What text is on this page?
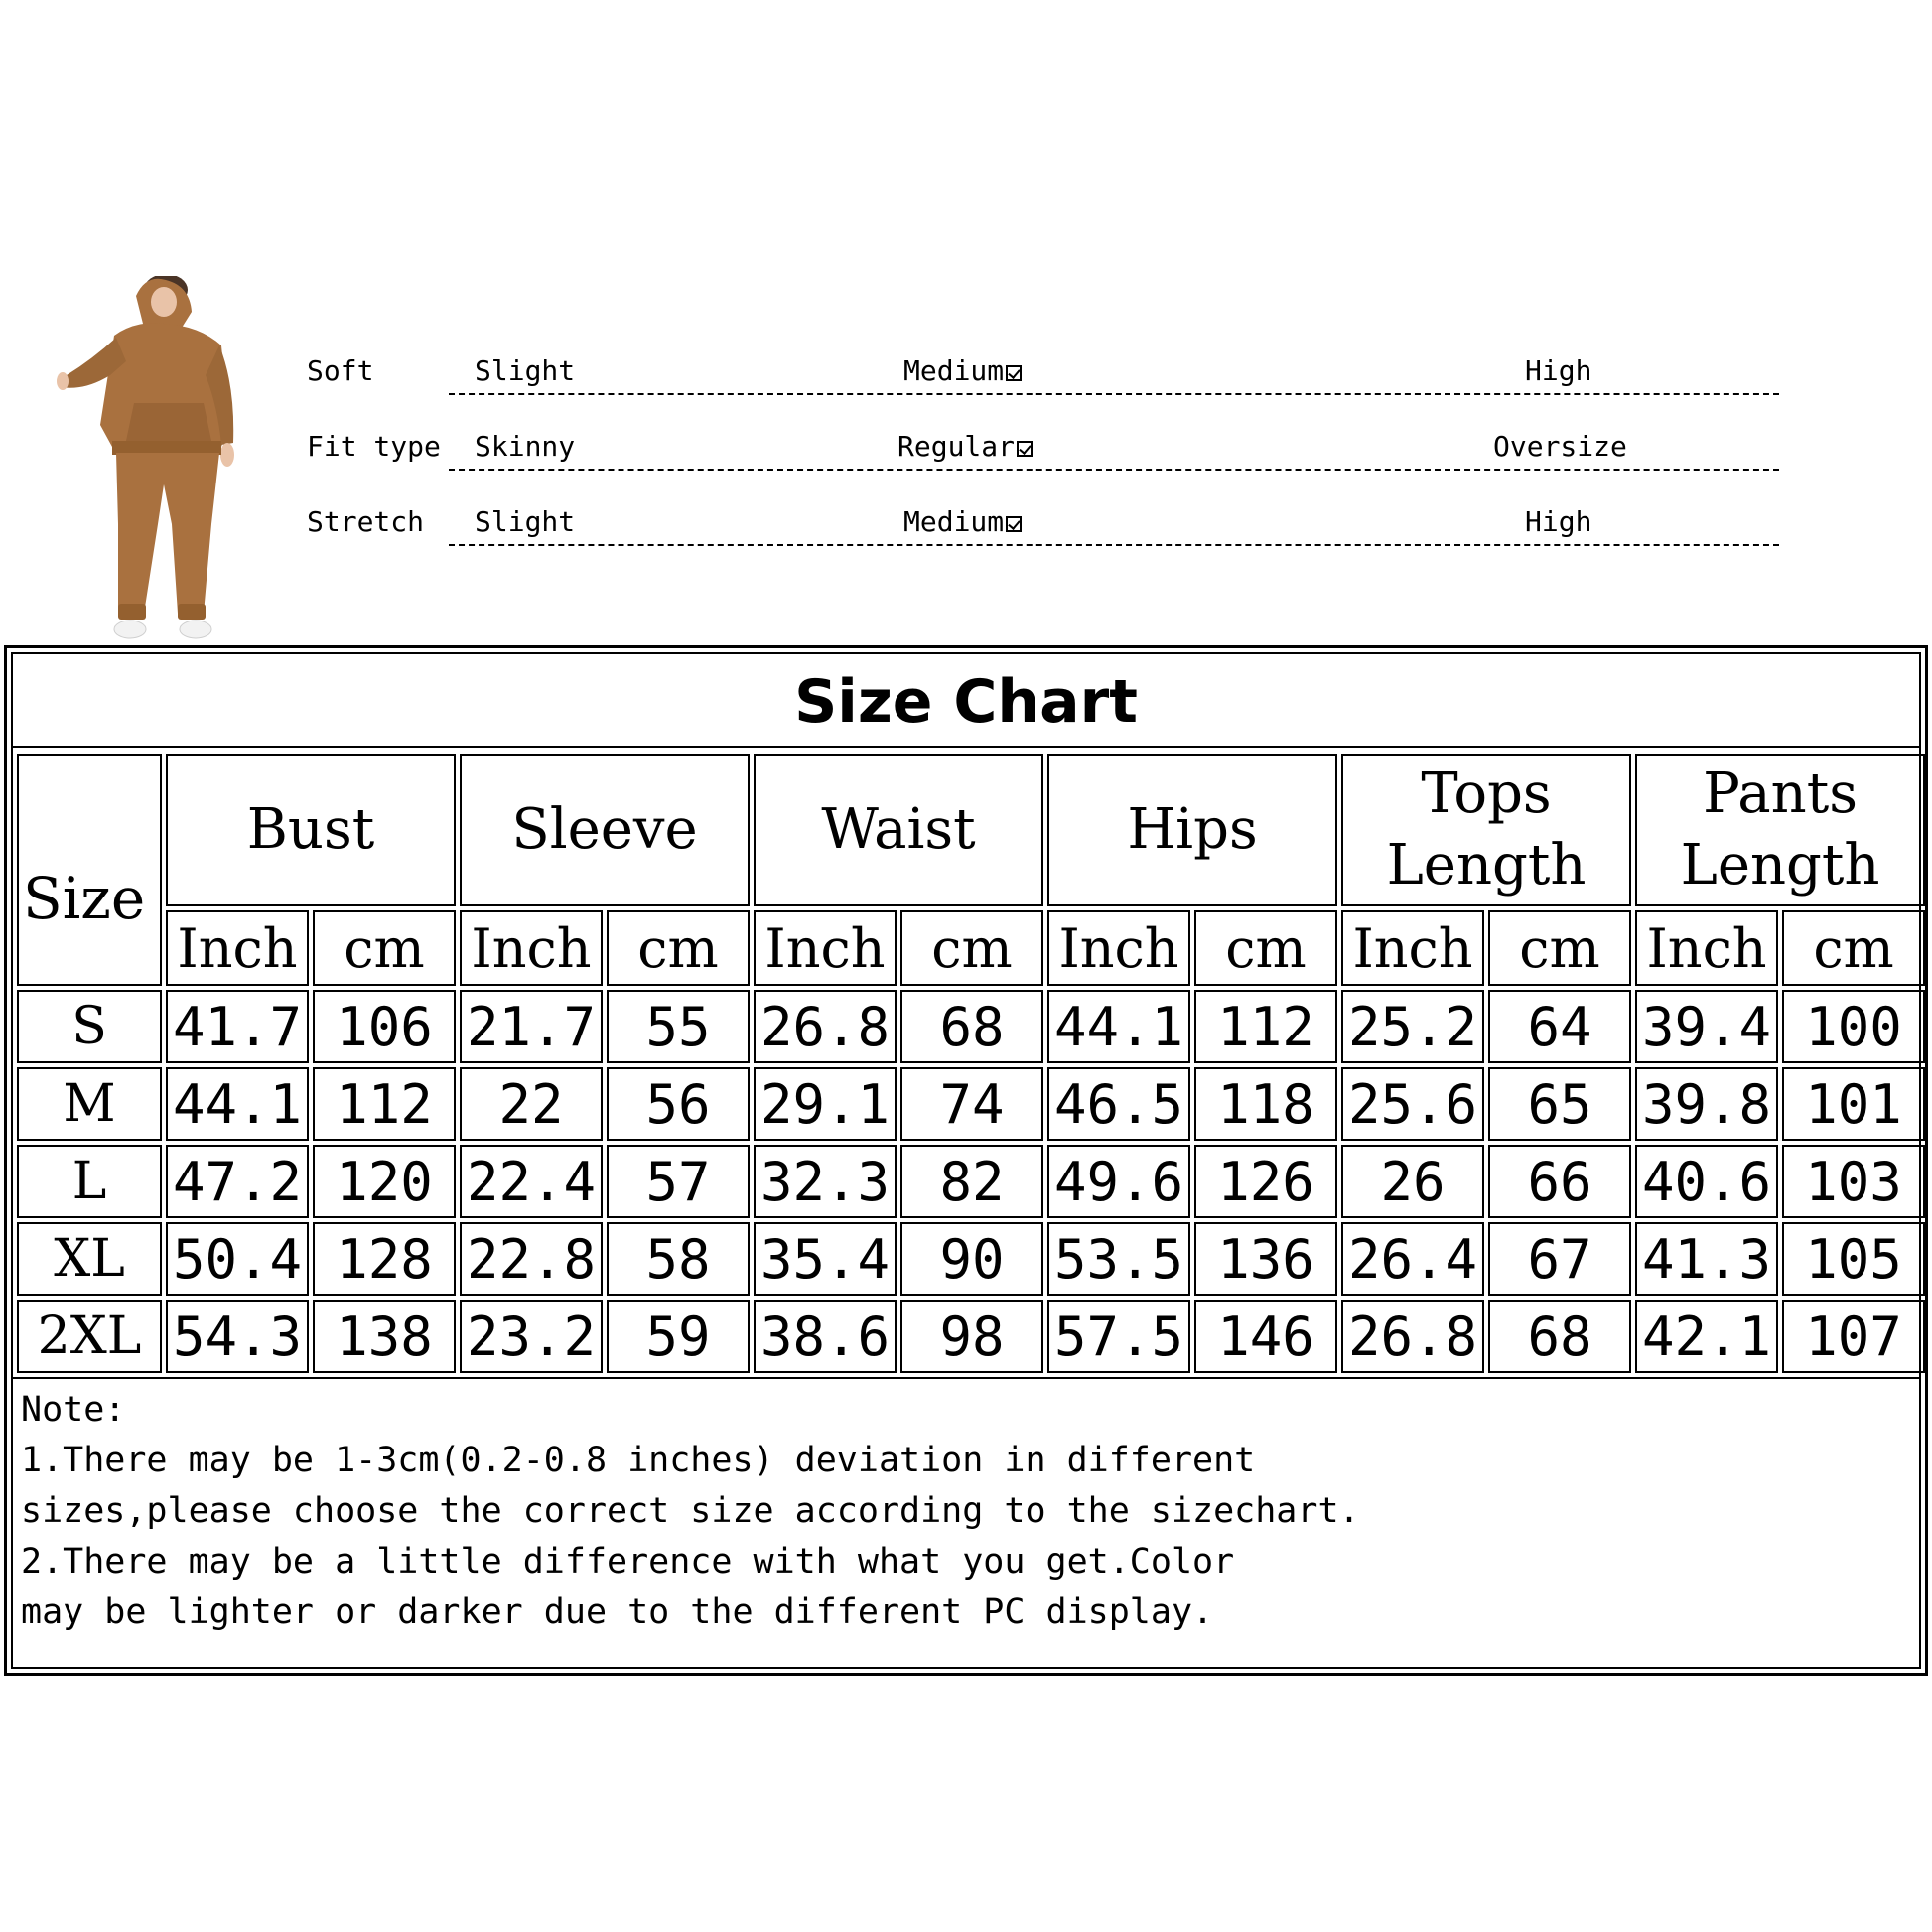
Soft	Slight	Medium	High
Fit type Skinny	Regular	Oversize
Stretch Slight	Medium	High
Size Chart
Size	Bust		Sleeve		Waist		Hips		Tops Length		Pants Length	
	Inch	cm	Inch	cm	Inch	cm	Inch	cm	Inch	cm	Inch	cm
S	41.7	106	21.7	55	26.8	68	44.1	112	25.2	64	39.4	100
M	44.1	112	22	56	29.1	74	46.5	118	25.6	65	39.8	101
L	47.2	120	22.4	57	32.3	82	49.6	126	26	66	40.6	103
XL	50.4	128	22.8	58	35.4	90	53.5	136	26.4	67	41.3	105
2XL	54.3	138	23.2	59	38.6	98	57.5	146	26.8	68	42.1	107
Note:
1.There may be 1-3cm(0.2-0.8 inches) deviation in different
sizes,please choose the correct size according to the sizechart.
2.There may be a little difference with what you get.Color
may be lighter or darker due to the different PC display.
